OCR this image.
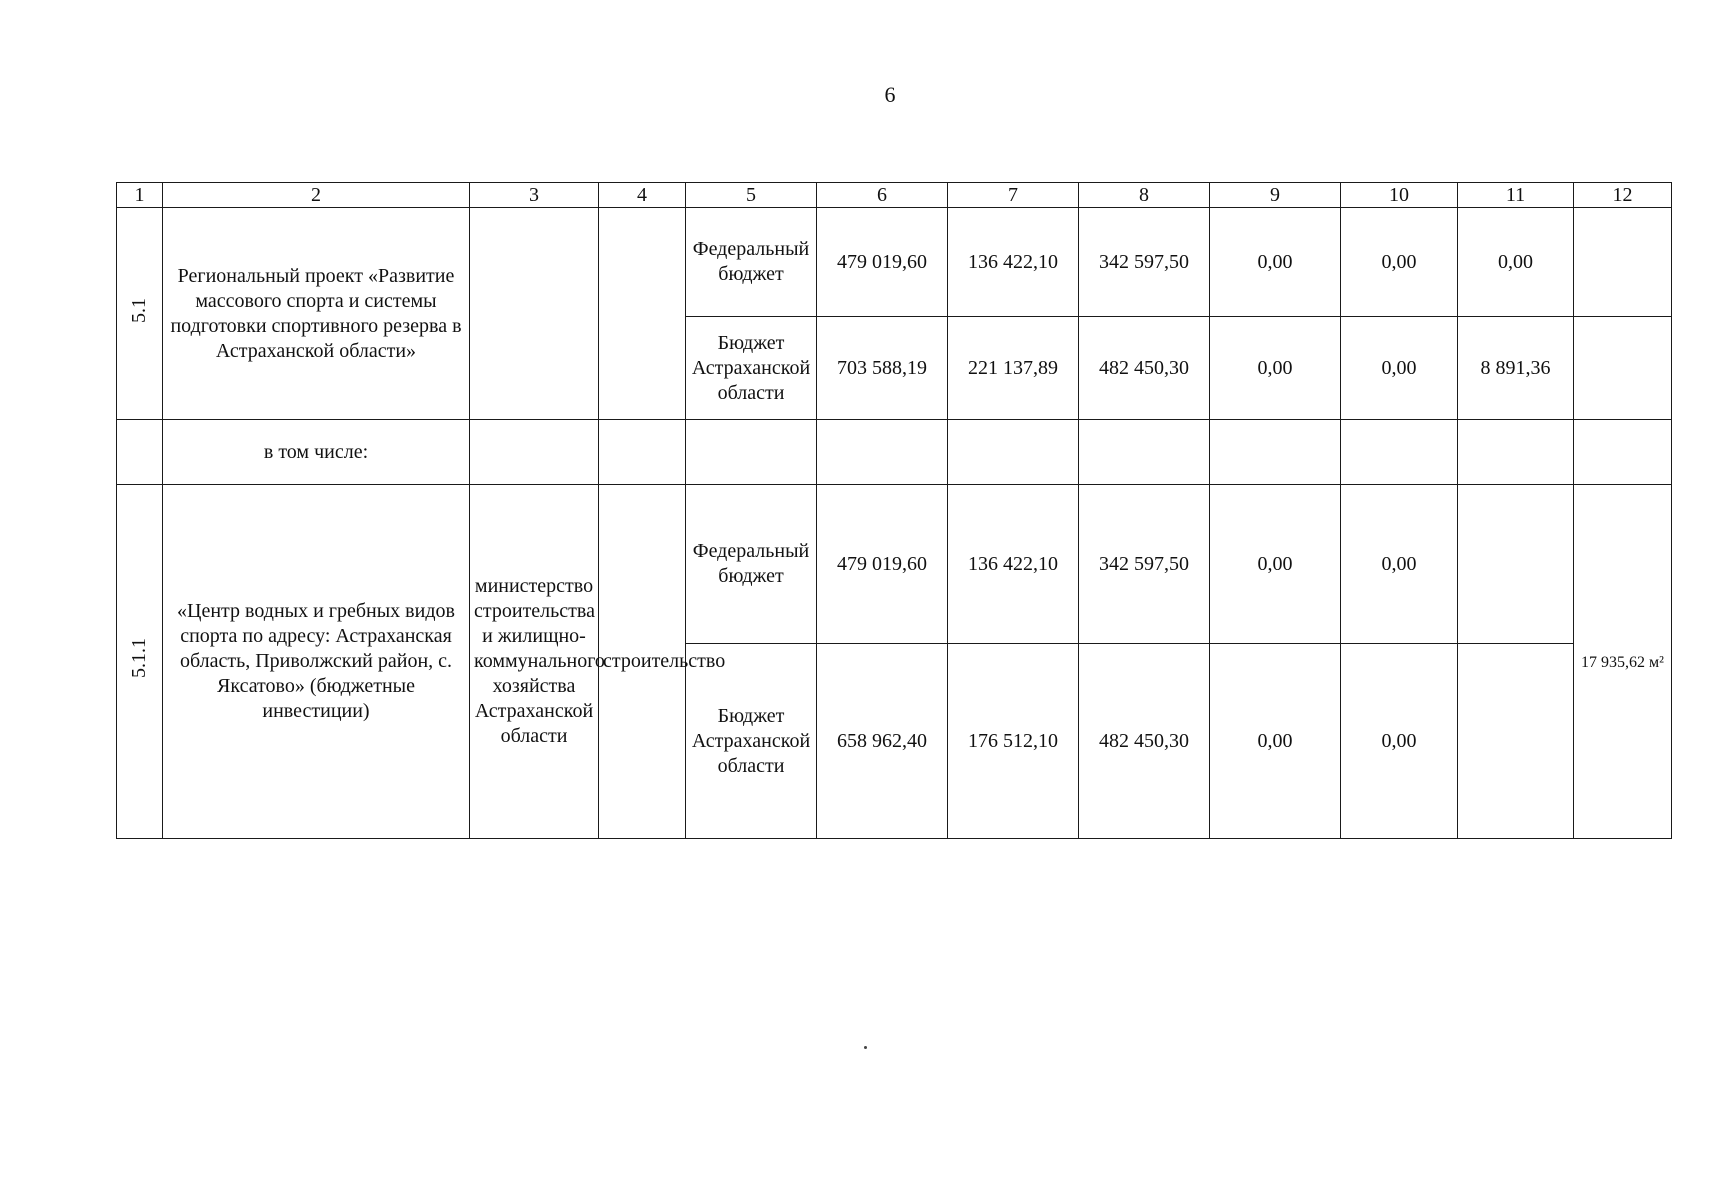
6
1	2	3	4	5	6	7	8	9	10	11	12
5.1	Региональный проект «Развитие массового спорта и системы подготовки спортивного резерва в Астраханской области»			Федеральный бюджет	479 019,60	136 422,10	342 597,50	0,00	0,00	0,00	

				Бюджет Астраханской области	703 588,19	221 137,89	482 450,30	0,00	0,00	8 891,36	
	в том числе:										
5.1.1	«Центр водных и гребных видов спорта по адресу: Астраханская область, Приволжский район, с. Яксатово» (бюджетные инвестиции)	министерство строительства и жилищно-коммунального хозяйства Астраханской области	строительство	Федеральный бюджет	479 019,60	136 422,10	342 597,50	0,00	0,00		17 935,62 м²

				Бюджет Астраханской области	658 962,40	176 512,10	482 450,30	0,00	0,00		
